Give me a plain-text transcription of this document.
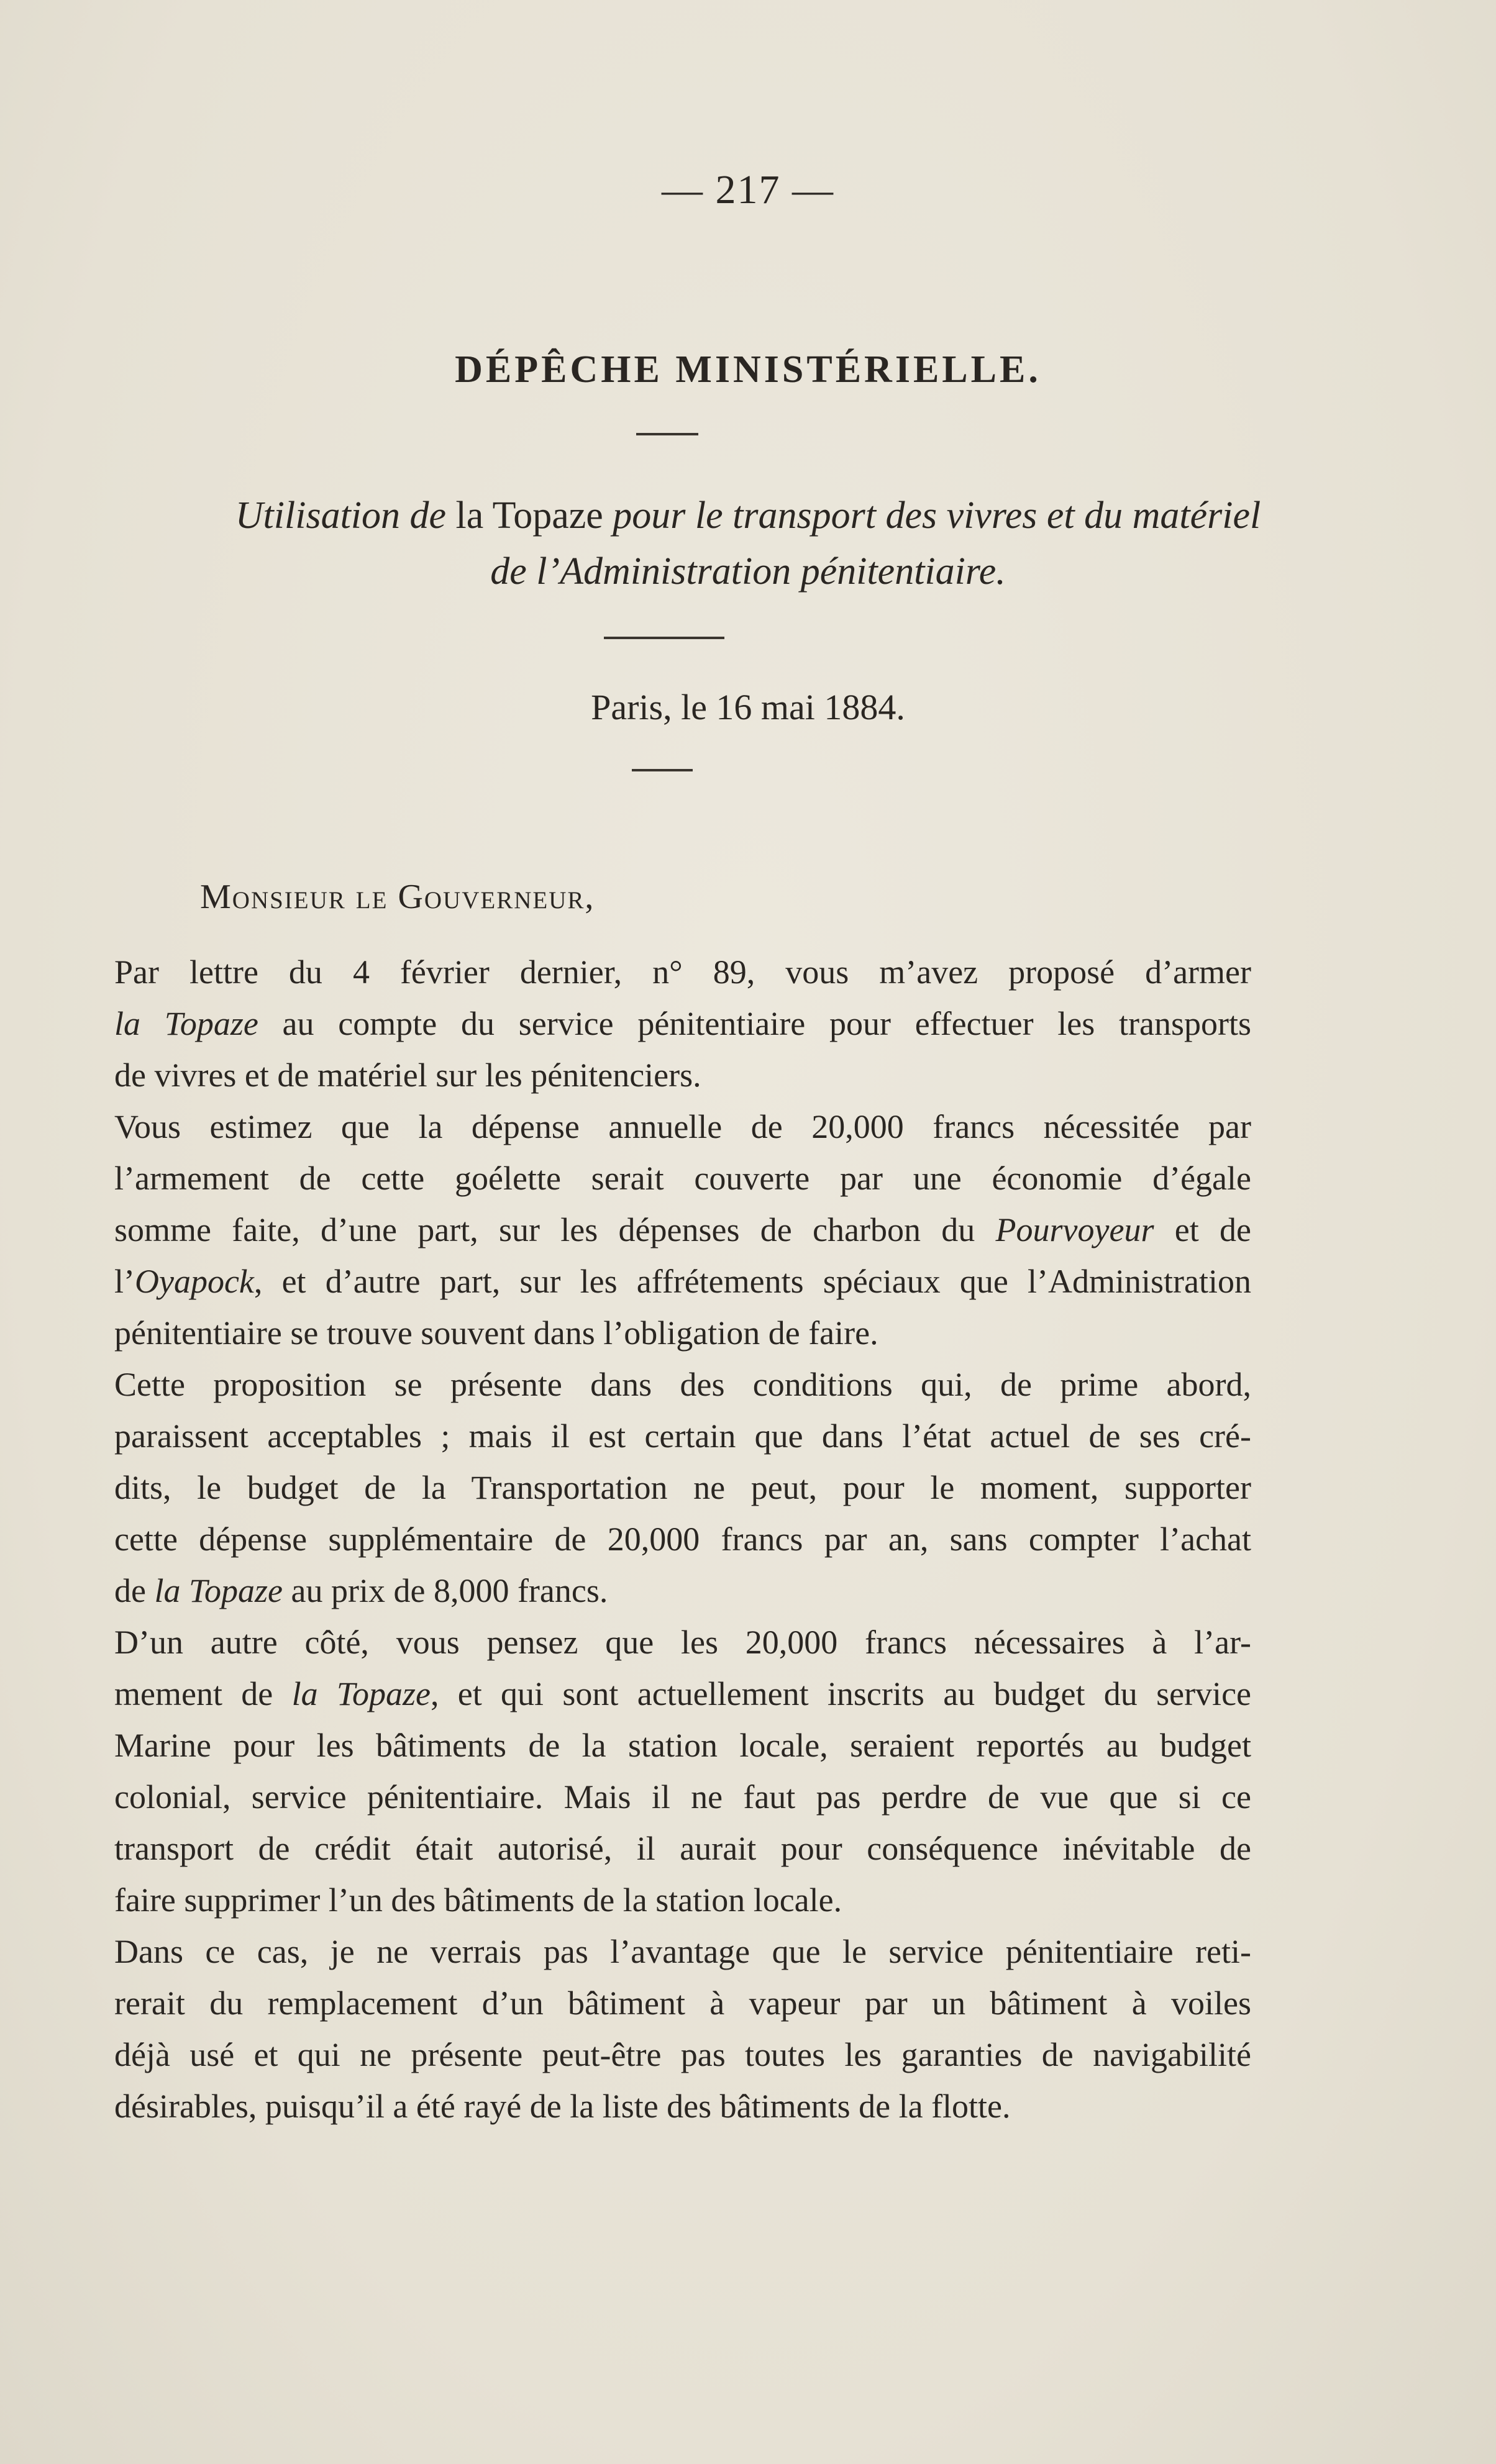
— 217 —
DÉPÊCHE MINISTÉRIELLE.
Utilisation de la Topaze pour le transport des vivres et du matériel
de l’Administration pénitentiaire.
Paris, le 16 mai 1884.
Monsieur le Gouverneur,

Par lettre du 4 février dernier, n° 89, vous m’avez proposé d’armer
la Topaze au compte du service pénitentiaire pour effectuer les transports
de vivres et de matériel sur les pénitenciers.

Vous estimez que la dépense annuelle de 20,000 francs nécessitée par
l’armement de cette goélette serait couverte par une économie d’égale
somme faite, d’une part, sur les dépenses de charbon du Pourvoyeur et de
l’Oyapock, et d’autre part, sur les affrétements spéciaux que l’Administration
pénitentiaire se trouve souvent dans l’obligation de faire.

Cette proposition se présente dans des conditions qui, de prime abord,
paraissent acceptables ; mais il est certain que dans l’état actuel de ses cré-
dits, le budget de la Transportation ne peut, pour le moment, supporter
cette dépense supplémentaire de 20,000 francs par an, sans compter l’achat
de la Topaze au prix de 8,000 francs.

D’un autre côté, vous pensez que les 20,000 francs nécessaires à l’ar-
mement de la Topaze, et qui sont actuellement inscrits au budget du service
Marine pour les bâtiments de la station locale, seraient reportés au budget
colonial, service pénitentiaire. Mais il ne faut pas perdre de vue que si ce
transport de crédit était autorisé, il aurait pour conséquence inévitable de
faire supprimer l’un des bâtiments de la station locale.

Dans ce cas, je ne verrais pas l’avantage que le service pénitentiaire reti-
rerait du remplacement d’un bâtiment à vapeur par un bâtiment à voiles
déjà usé et qui ne présente peut-être pas toutes les garanties de navigabilité
désirables, puisqu’il a été rayé de la liste des bâtiments de la flotte.
